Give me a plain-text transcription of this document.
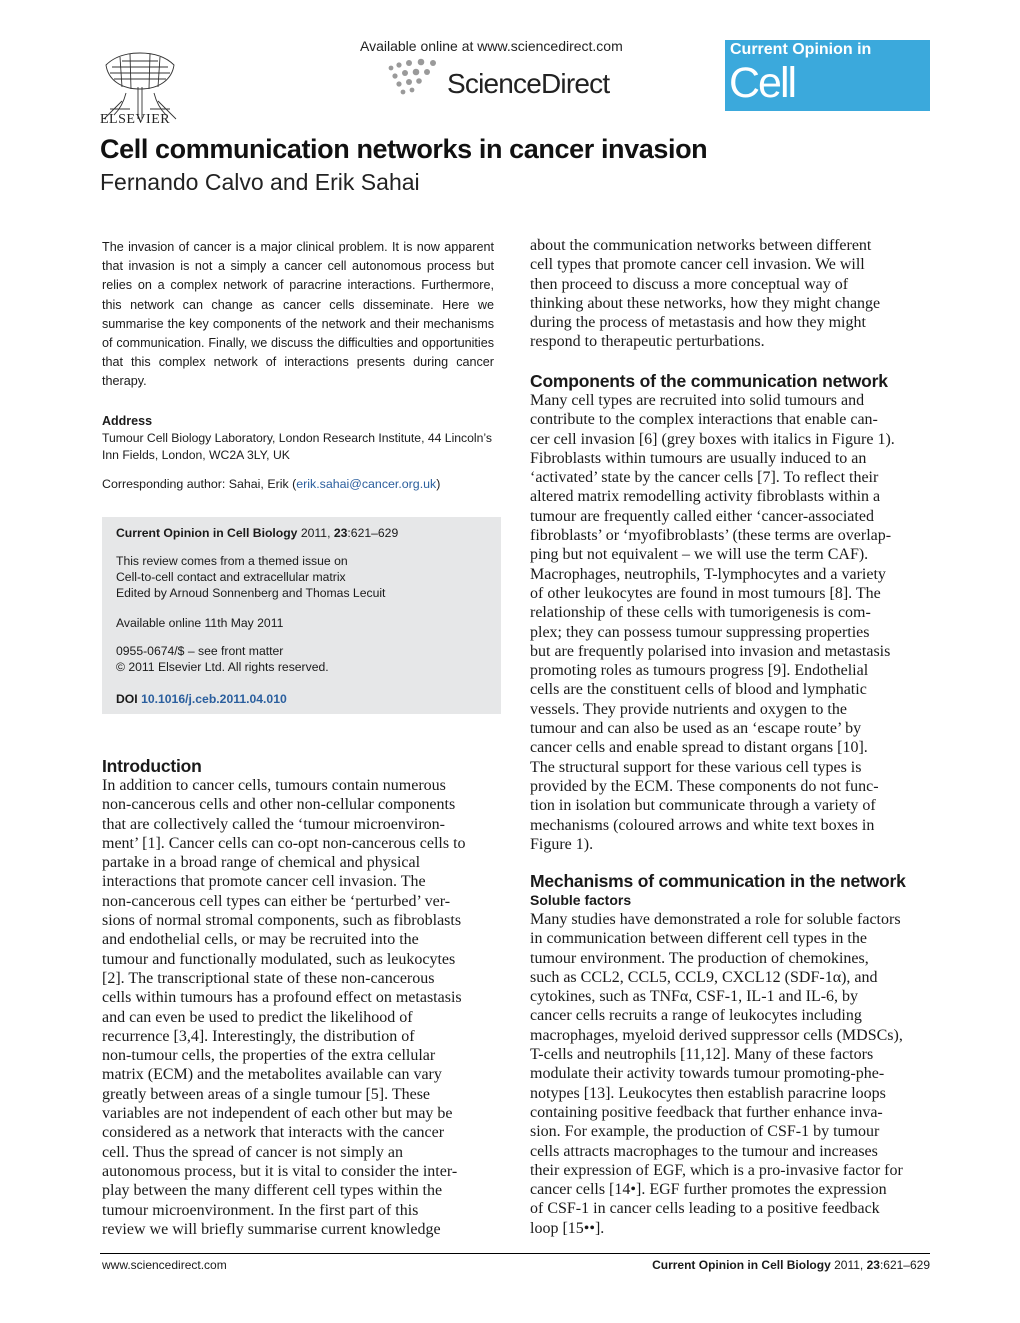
ELSEVIER
Available online at www.sciencedirect.com
ScienceDirect
Current Opinion in
Cell Biology
Cell communication networks in cancer invasion
Fernando Calvo and Erik Sahai
The invasion of cancer is a major clinical problem. It is now apparent that invasion is not a simply a cancer cell autonomous process but relies on a complex network of paracrine interactions. Furthermore, this network can change as cancer cells disseminate. Here we summarise the key components of the network and their mechanisms of communication. Finally, we discuss the difficulties and opportunities that this complex network of interactions presents during cancer therapy.
Address
Tumour Cell Biology Laboratory, London Research Institute, 44 Lincoln’s
Inn Fields, London, WC2A 3LY, UK
Corresponding author: Sahai, Erik (erik.sahai@cancer.org.uk)
Current Opinion in Cell Biology 2011, 23:621–629
This review comes from a themed issue on
Cell-to-cell contact and extracellular matrix
Edited by Arnoud Sonnenberg and Thomas Lecuit
Available online 11th May 2011
0955-0674/$ – see front matter
© 2011 Elsevier Ltd. All rights reserved.
DOI 10.1016/j.ceb.2011.04.010
Introduction
In addition to cancer cells, tumours contain numerous
non-cancerous cells and other non-cellular components
that are collectively called the ‘tumour microenviron-
ment’ [1]. Cancer cells can co-opt non-cancerous cells to
partake in a broad range of chemical and physical
interactions that promote cancer cell invasion. The
non-cancerous cell types can either be ‘perturbed’ ver-
sions of normal stromal components, such as fibroblasts
and endothelial cells, or may be recruited into the
tumour and functionally modulated, such as leukocytes
[2]. The transcriptional state of these non-cancerous
cells within tumours has a profound effect on metastasis
and can even be used to predict the likelihood of
recurrence [3,4]. Interestingly, the distribution of
non-tumour cells, the properties of the extra cellular
matrix (ECM) and the metabolites available can vary
greatly between areas of a single tumour [5]. These
variables are not independent of each other but may be
considered as a network that interacts with the cancer
cell. Thus the spread of cancer is not simply an
autonomous process, but it is vital to consider the inter-
play between the many different cell types within the
tumour microenvironment. In the first part of this
review we will briefly summarise current knowledge
about the communication networks between different
cell types that promote cancer cell invasion. We will
then proceed to discuss a more conceptual way of
thinking about these networks, how they might change
during the process of metastasis and how they might
respond to therapeutic perturbations.
Components of the communication network
Many cell types are recruited into solid tumours and
contribute to the complex interactions that enable can-
cer cell invasion [6] (grey boxes with italics in Figure 1).
Fibroblasts within tumours are usually induced to an
‘activated’ state by the cancer cells [7]. To reflect their
altered matrix remodelling activity fibroblasts within a
tumour are frequently called either ‘cancer-associated
fibroblasts’ or ‘myofibroblasts’ (these terms are overlap-
ping but not equivalent – we will use the term CAF).
Macrophages, neutrophils, T-lymphocytes and a variety
of other leukocytes are found in most tumours [8]. The
relationship of these cells with tumorigenesis is com-
plex; they can possess tumour suppressing properties
but are frequently polarised into invasion and metastasis
promoting roles as tumours progress [9]. Endothelial
cells are the constituent cells of blood and lymphatic
vessels. They provide nutrients and oxygen to the
tumour and can also be used as an ‘escape route’ by
cancer cells and enable spread to distant organs [10].
The structural support for these various cell types is
provided by the ECM. These components do not func-
tion in isolation but communicate through a variety of
mechanisms (coloured arrows and white text boxes in
Figure 1).
Mechanisms of communication in the network
Soluble factors
Many studies have demonstrated a role for soluble factors
in communication between different cell types in the
tumour environment. The production of chemokines,
such as CCL2, CCL5, CCL9, CXCL12 (SDF-1α), and
cytokines, such as TNFα, CSF-1, IL-1 and IL-6, by
cancer cells recruits a range of leukocytes including
macrophages, myeloid derived suppressor cells (MDSCs),
T-cells and neutrophils [11,12]. Many of these factors
modulate their activity towards tumour promoting-phe-
notypes [13]. Leukocytes then establish paracrine loops
containing positive feedback that further enhance inva-
sion. For example, the production of CSF-1 by tumour
cells attracts macrophages to the tumour and increases
their expression of EGF, which is a pro-invasive factor for
cancer cells [14•]. EGF further promotes the expression
of CSF-1 in cancer cells leading to a positive feedback
loop [15••].
www.sciencedirect.com	Current Opinion in Cell Biology 2011, 23:621–629
